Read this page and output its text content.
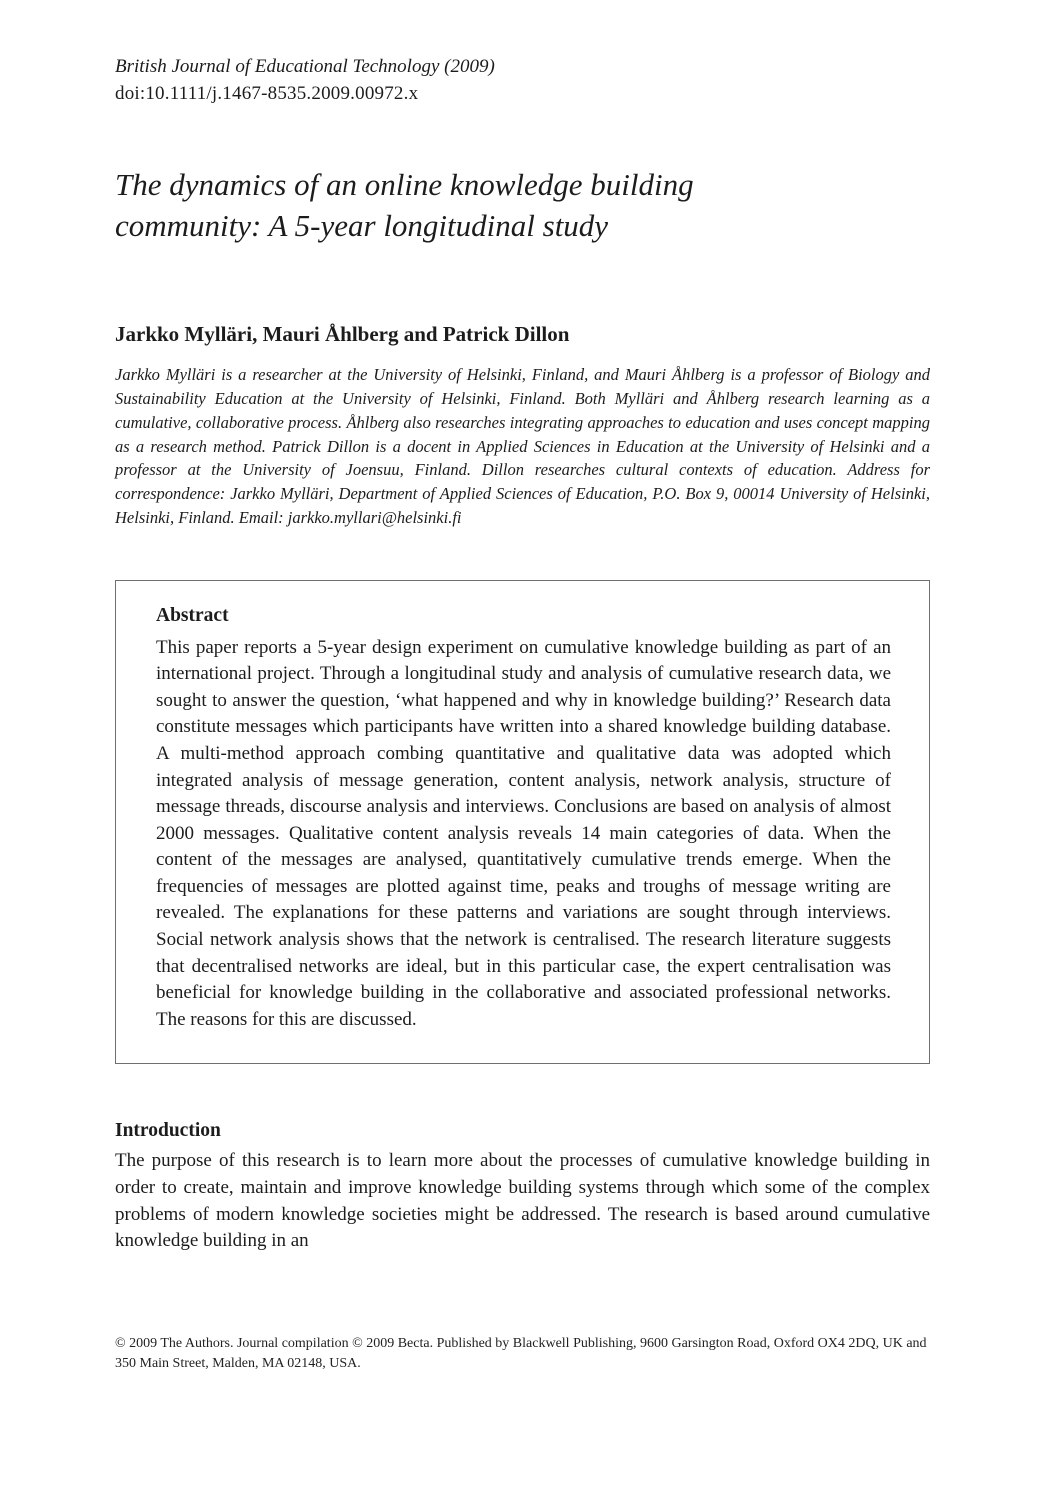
British Journal of Educational Technology (2009)
doi:10.1111/j.1467-8535.2009.00972.x
The dynamics of an online knowledge building community: A 5-year longitudinal study
Jarkko Mylläri, Mauri Åhlberg and Patrick Dillon

Jarkko Mylläri is a researcher at the University of Helsinki, Finland, and Mauri Åhlberg is a professor of Biology and Sustainability Education at the University of Helsinki, Finland. Both Mylläri and Åhlberg research learning as a cumulative, collaborative process. Åhlberg also researches integrating approaches to education and uses concept mapping as a research method. Patrick Dillon is a docent in Applied Sciences in Education at the University of Helsinki and a professor at the University of Joensuu, Finland. Dillon researches cultural contexts of education. Address for correspondence: Jarkko Mylläri, Department of Applied Sciences of Education, P.O. Box 9, 00014 University of Helsinki, Helsinki, Finland. Email: jarkko.myllari@helsinki.fi

Abstract
This paper reports a 5-year design experiment on cumulative knowledge building as part of an international project. Through a longitudinal study and analysis of cumulative research data, we sought to answer the question, ‘what happened and why in knowledge building?’ Research data constitute messages which participants have written into a shared knowledge building database. A multi-method approach combing quantitative and qualitative data was adopted which integrated analysis of message generation, content analysis, network analysis, structure of message threads, discourse analysis and interviews. Conclusions are based on analysis of almost 2000 messages. Qualitative content analysis reveals 14 main categories of data. When the content of the messages are analysed, quantitatively cumulative trends emerge. When the frequencies of messages are plotted against time, peaks and troughs of message writing are revealed. The explanations for these patterns and variations are sought through interviews. Social network analysis shows that the network is centralised. The research literature suggests that decentralised networks are ideal, but in this particular case, the expert centralisation was beneficial for knowledge building in the collaborative and associated professional networks. The reasons for this are discussed.
Introduction

The purpose of this research is to learn more about the processes of cumulative knowledge building in order to create, maintain and improve knowledge building systems through which some of the complex problems of modern knowledge societies might be addressed. The research is based around cumulative knowledge building in an

© 2009 The Authors. Journal compilation © 2009 Becta. Published by Blackwell Publishing, 9600 Garsington Road, Oxford OX4 2DQ, UK and 350 Main Street, Malden, MA 02148, USA.
